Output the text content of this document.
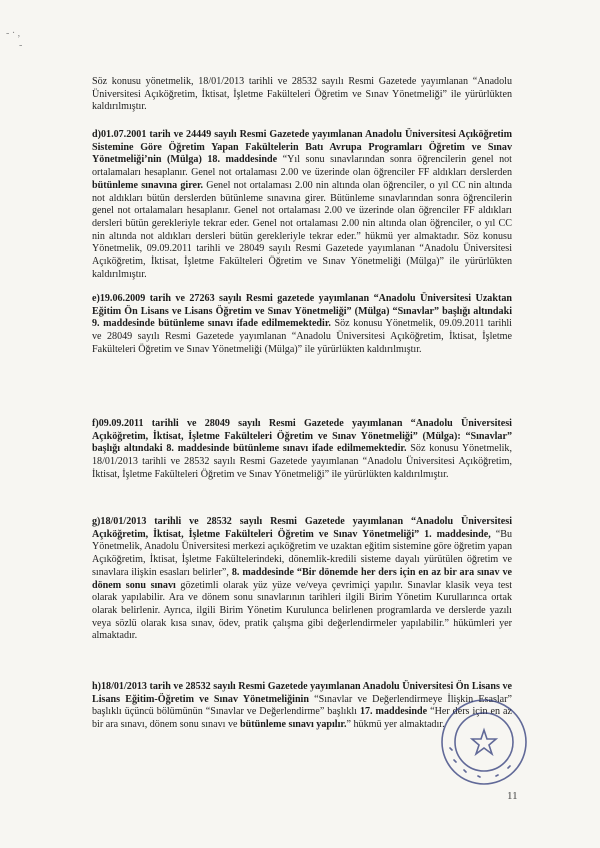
- · ,
-

Söz konusu yönetmelik, 18/01/2013 tarihli ve 28532 sayılı Resmi Gazetede yayımlanan “Anadolu Üniversitesi Açıköğretim, İktisat, İşletme Fakülteleri Öğretim ve Sınav Yönetmeliği” ile yürürlükten kaldırılmıştır.

d)01.07.2001 tarih ve 24449 sayılı Resmi Gazetede yayımlanan Anadolu Üniversitesi Açıköğretim Sistemine Göre Öğretim Yapan Fakültelerin Batı Avrupa Programları Öğretim ve Sınav Yönetmeliği’nin (Mülga) 18. maddesinde “Yıl sonu sınavlarından sonra öğrencilerin genel not ortalamaları hesaplanır. Genel not ortalaması 2.00 ve üzerinde olan öğrenciler FF aldıkları derslerden bütünleme sınavına girer. Genel not ortalaması 2.00 nin altında olan öğrenciler, o yıl CC nin altında not aldıkları bütün derslerden bütünleme sınavına girer. Bütünleme sınavlarından sonra öğrencilerin genel not ortalamaları hesaplanır. Genel not ortalaması 2.00 ve üzerinde olan öğrenciler FF aldıkları dersleri bütün gerekleriyle tekrar eder. Genel not ortalaması 2.00 nin altında olan öğrenciler, o yıl CC nin altında not aldıkları dersleri bütün gerekleriyle tekrar eder.” hükmü yer almaktadır. Söz konusu Yönetmelik, 09.09.2011 tarihli ve 28049 sayılı Resmi Gazetede yayımlanan “Anadolu Üniversitesi Açıköğretim, İktisat, İşletme Fakülteleri Öğretim ve Sınav Yönetmeliği (Mülga)” ile yürürlükten kaldırılmıştır.

e)19.06.2009 tarih ve 27263 sayılı Resmi gazetede yayımlanan “Anadolu Üniversitesi Uzaktan Eğitim Ön Lisans ve Lisans Öğretim ve Sınav Yönetmeliği” (Mülga) “Sınavlar” başlığı altındaki 9. maddesinde bütünleme sınavı ifade edilmemektedir. Söz konusu Yönetmelik, 09.09.2011 tarihli ve 28049 sayılı Resmi Gazetede yayımlanan “Anadolu Üniversitesi Açıköğretim, İktisat, İşletme Fakülteleri Öğretim ve Sınav Yönetmeliği (Mülga)” ile yürürlükten kaldırılmıştır.

f)09.09.2011 tarihli ve 28049 sayılı Resmi Gazetede yayımlanan “Anadolu Üniversitesi Açıköğretim, İktisat, İşletme Fakülteleri Öğretim ve Sınav Yönetmeliği” (Mülga): “Sınavlar” başlığı altındaki 8. maddesinde bütünleme sınavı ifade edilmemektedir. Söz konusu Yönetmelik, 18/01/2013 tarihli ve 28532 sayılı Resmi Gazetede yayımlanan “Anadolu Üniversitesi Açıköğretim, İktisat, İşletme Fakülteleri Öğretim ve Sınav Yönetmeliği” ile yürürlükten kaldırılmıştır.

g)18/01/2013 tarihli ve 28532 sayılı Resmi Gazetede yayımlanan “Anadolu Üniversitesi Açıköğretim, İktisat, İşletme Fakülteleri Öğretim ve Sınav Yönetmeliği” 1. maddesinde, “Bu Yönetmelik, Anadolu Üniversitesi merkezi açıköğretim ve uzaktan eğitim sistemine göre öğretim yapan Açıköğretim, İktisat, İşletme Fakültelerindeki, dönemlik-kredili sisteme dayalı yürütülen öğretim ve sınavlara ilişkin esasları belirler”, 8. maddesinde “Bir dönemde her ders için en az bir ara sınav ve dönem sonu sınavı gözetimli olarak yüz yüze ve/veya çevrimiçi yapılır. Sınavlar klasik veya test olarak yapılabilir. Ara ve dönem sonu sınavlarının tarihleri ilgili Birim Yönetim Kurullarınca ortak olarak belirlenir. Ayrıca, ilgili Birim Yönetim Kurulunca belirlenen programlarda ve derslerde yazılı veya sözlü olarak kısa sınav, ödev, pratik çalışma gibi değerlendirmeler yapılabilir.” hükümleri yer almaktadır.

h)18/01/2013 tarih ve 28532 sayılı Resmi Gazetede yayımlanan Anadolu Üniversitesi Ön Lisans ve Lisans Eğitim-Öğretim ve Sınav Yönetmeliğinin “Sınavlar ve Değerlendirmeye İlişkin Esaslar” başlıklı üçüncü bölümünün “Sınavlar ve Değerlendirme” başlıklı 17. maddesinde “Her ders için en az bir ara sınavı, dönem sonu sınavı ve bütünleme sınavı yapılır.” hükmü yer almaktadır.

11
